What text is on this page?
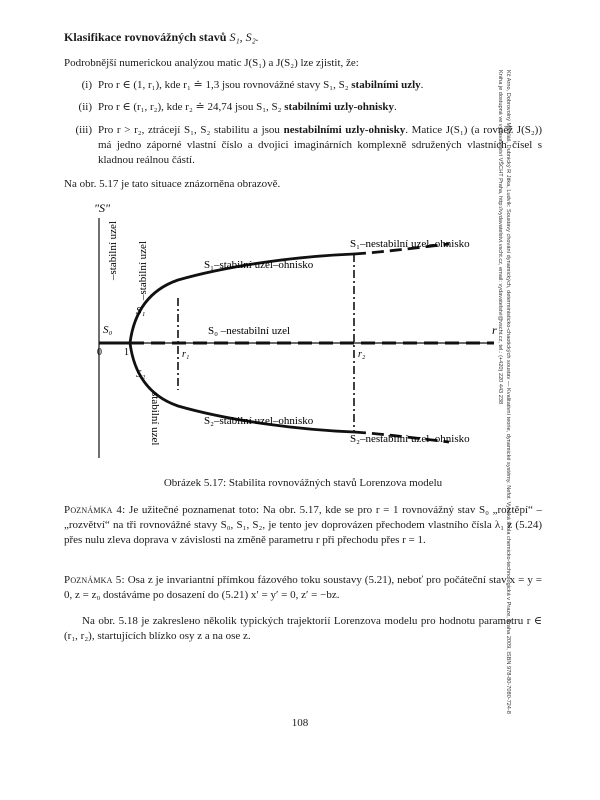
Kč Arno, Dobrovolný Mikuláš, Dubnický R Jitka, Ludvík: Soustavy chování dynamických, deterministicko-chaotických soustav — Kvalitativní teorie, dynamické systémy. Nefot. Vysoká škola chemicko-technologická v Praze, Praha 2009, ISBN 978-80-7080-724-8
Kniha je dostupná ve vydavatelství VŠCHT Praha, http://vydavatelstvi.vscht.cz, email: vydavatelstvi@vscht.cz, tel.: (+420) 220 443 238
Klasifikace rovnovážných stavů S₁, S₂.
Podrobnější numerickou analýzou matic J(S₁) a J(S₂) lze zjistit, že:
(i) Pro r ∈ (1, r₁), kde r₁ ≐ 1,3 jsou rovnovážné stavy S₁, S₂ stabilními uzly.
(ii) Pro r ∈ (r₁, r₂), kde r₂ ≐ 24,74 jsou S₁, S₂ stabilními uzly-ohnisky.
(iii) Pro r > r₂, ztrácejí S₁, S₂ stabilitu a jsou nestabilními uzly-ohnisky. Matice J(S₁) (a rovněž J(S₂)) má jedno záporné vlastní číslo a dvojici imaginárních komplexně sdružených vlastních čísel s kladnou reálnou částí.
Na obr. 5.17 je tato situace znázorněna obrazově.
"S"
r
0 1	r₁	r₂
–stabilní uzel
S₀
–stabilní uzel
S₁
S₂
stabilní uzel
S₀ –nestabilní uzel
S₁–stabilní uzel–ohnisko
S₂–stabilní uzel–ohnisko
S₁–nestabilní uzel–ohnisko
S₂–nestabilní uzel–ohnisko
Obrázek 5.17: Stabilita rovnovážných stavů Lorenzova modelu
Poznámka 4: Je užitečné poznamenat toto: Na obr. 5.17, kde se pro r = 1 rovnovážný stav S₀ „roztěpí“ – „rozvětví“ na tři rovnovážné stavy S₀, S₁, S₂, je tento jev doprovázen přechodem vlastního čísla λ₁ z (5.24) přes nulu zleva doprava v závislosti na změně parametru r při přechodu přes r = 1.
Poznámka 5: Osa z je invariantní přímkou fázového toku soustavy (5.21), neboť pro počáteční stav x = y = 0, z = z₀ dostáváme po dosazení do (5.21) x′ = y′ = 0, z′ = −bz.
Na obr. 5.18 je zakreslено několik typických trajektorií Lorenzova modelu pro hodnotu parametru r ∈ (r₁, r₂), startujících blízko osy z a na ose z.
108
